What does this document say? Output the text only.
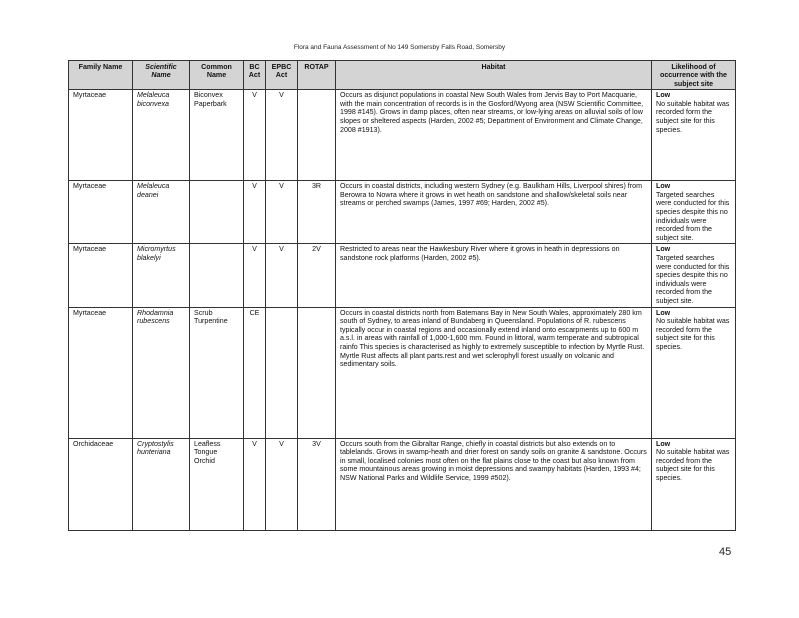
Flora and Fauna Assessment of No 149 Somersby Falls Road, Somersby
Family Name	Scientific Name	Common Name	BC Act	EPBC Act	ROTAP	Habitat	Likelihood of occurrence with the subject site
Myrtaceae	Melaleuca biconvexa	Biconvex Paperbark	V	V		Occurs as disjunct populations in coastal New South Wales from Jervis Bay to Port Macquarie, with the main concentration of records is in the Gosford/Wyong area (NSW Scientific Committee, 1998 #145). Grows in damp places, often near streams, or low-lying areas on alluvial soils of low slopes or sheltered aspects (Harden, 2002 #5; Department of Environment and Climate Change, 2008 #1913).	Low
No suitable habitat was recorded form the subject site for this species.

Myrtaceae	Melaleuca deanei		V	V	3R	Occurs in coastal districts, including western Sydney (e.g. Baulkham Hills, Liverpool shires) from Berowra to Nowra where it grows in wet heath on sandstone and shallow/skeletal soils near streams or perched swamps (James, 1997 #69; Harden, 2002 #5).	Low
Targeted searches were conducted for this species despite this no individuals were recorded from the subject site.

Myrtaceae	Micromyrtus blakelyi		V	V	2V	Restricted to areas near the Hawkesbury River where it grows in heath in depressions on sandstone rock platforms (Harden, 2002 #5).	Low
Targeted searches were conducted for this species despite this no individuals were recorded from the subject site.

Myrtaceae	Rhodamnia rubescens	Scrub Turpentine	CE			Occurs in coastal districts north from Batemans Bay in New South Wales, approximately 280 km south of Sydney, to areas inland of Bundaberg in Queensland. Populations of R. rubescens typically occur in coastal regions and occasionally extend inland onto escarpments up to 600 m a.s.l. in areas with rainfall of 1,000-1,600 mm. Found in littoral, warm temperate and subtropical rainfo This species is characterised as highly to extremely susceptible to infection by Myrtle Rust. Myrtle Rust affects all plant parts.rest and wet sclerophyll forest usually on volcanic and sedimentary soils.	Low
No suitable habitat was recorded form the subject site for this species.

Orchidaceae	Cryptostylis hunteriana	Leafless Tongue Orchid	V	V	3V	Occurs south from the Gibraltar Range, chiefly in coastal districts but also extends on to tablelands. Grows in swamp-heath and drier forest on sandy soils on granite & sandstone. Occurs in small, localised colonies most often on the flat plains close to the coast but also known from some mountainous areas growing in moist depressions and swampy habitats (Harden, 1993 #4; NSW National Parks and Wildlife Service, 1999 #502).	Low
No suitable habitat was recorded from the subject site for this species.
45
